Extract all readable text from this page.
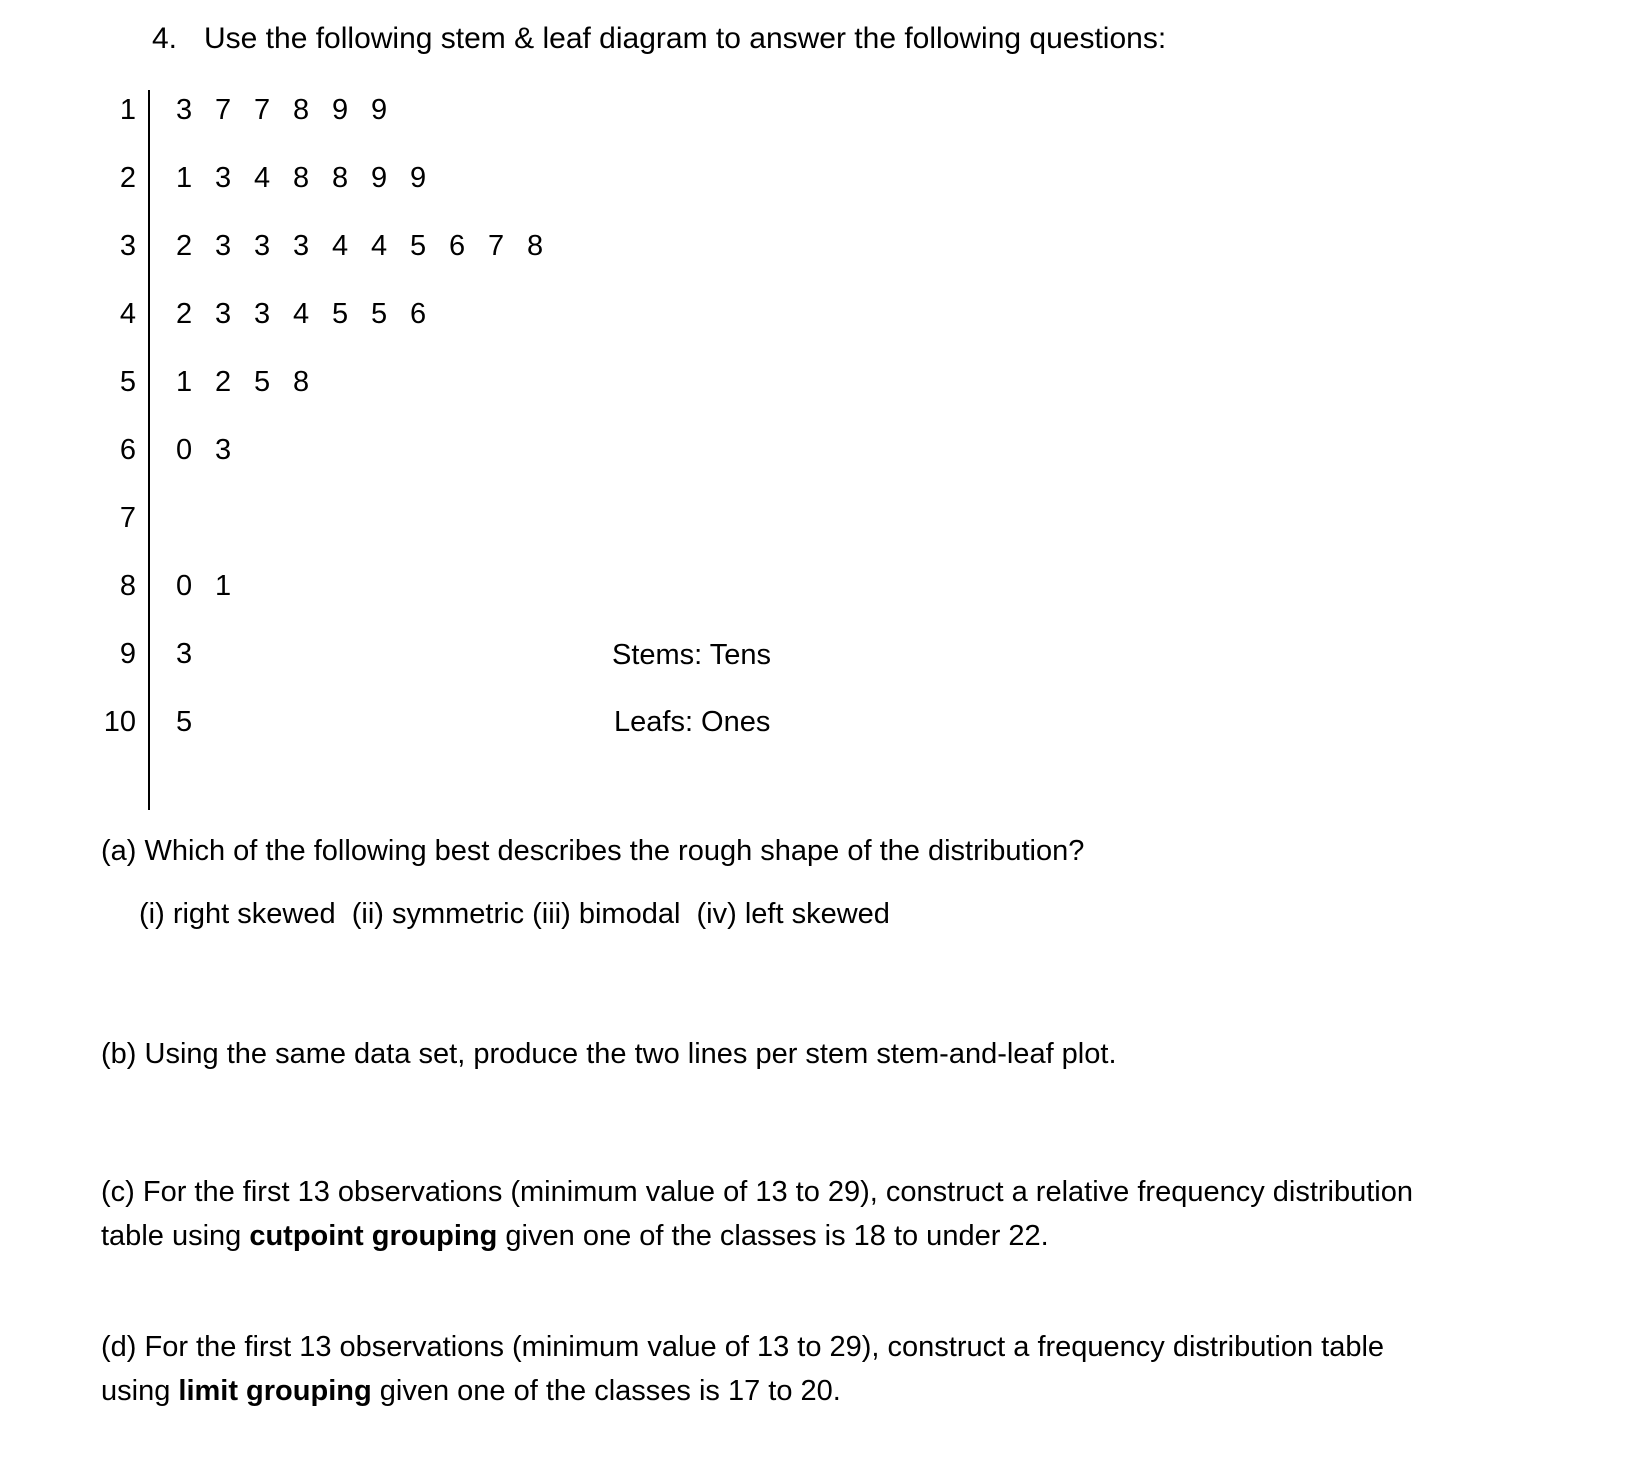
4. Use the following stem & leaf diagram to answer the following questions:
1 3 7 7 8 9 9
2 1 3 4 8 8 9 9
3 2 3 3 3 4 4 5 6 7 8
4 2 3 3 4 5 5 6
5 1 2 5 8
6 0 3
7
8 0 1
9 3
10 5
Stems: Tens
Leafs: Ones
(a) Which of the following best describes the rough shape of the distribution?
(i) right skewed  (ii) symmetric (iii) bimodal  (iv) left skewed
(b) Using the same data set, produce the two lines per stem stem-and-leaf plot.
(c) For the first 13 observations (minimum value of 13 to 29), construct a relative frequency distribution
table using cutpoint grouping given one of the classes is 18 to under 22.
(d) For the first 13 observations (minimum value of 13 to 29), construct a frequency distribution table
using limit grouping given one of the classes is 17 to 20.
